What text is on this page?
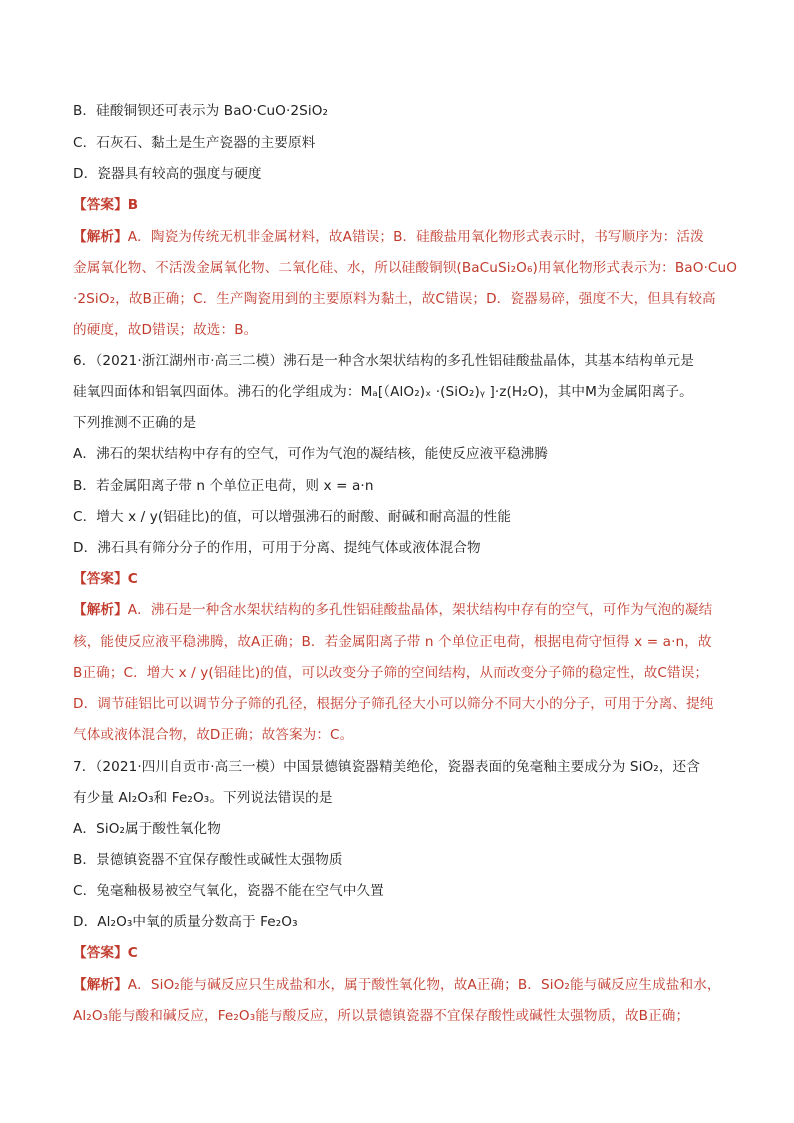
B．硅酸铜钡还可表示为 BaO·CuO·2SiO₂
C．石灰石、黏土是生产瓷器的主要原料
D．瓷器具有较高的强度与硬度
【答案】B
【解析】A．陶瓷为传统无机非金属材料，故A错误；B．硅酸盐用氧化物形式表示时，书写顺序为：活泼
金属氧化物、不活泼金属氧化物、二氧化硅、水，所以硅酸铜钡(BaCuSi₂O₆)用氧化物形式表示为：BaO·CuO
·2SiO₂，故B正确；C．生产陶瓷用到的主要原料为黏土，故C错误；D．瓷器易碎，强度不大，但具有较高
的硬度，故D错误；故选：B。
6．（2021·浙江湖州市·高三二模）沸石是一种含水架状结构的多孔性铝硅酸盐晶体，其基本结构单元是
硅氧四面体和铝氧四面体。沸石的化学组成为：Mₐ[（AlO₂)ₓ ·(SiO₂)ᵧ ]·z(H₂O)，其中M为金属阳离子。
下列推测不正确的是
A．沸石的架状结构中存有的空气，可作为气泡的凝结核，能使反应液平稳沸腾
B．若金属阳离子带 n 个单位正电荷，则 x = a·n
C．增大 x / y(铝硅比)的值，可以增强沸石的耐酸、耐碱和耐高温的性能
D．沸石具有筛分分子的作用，可用于分离、提纯气体或液体混合物
【答案】C
【解析】A．沸石是一种含水架状结构的多孔性铝硅酸盐晶体，架状结构中存有的空气，可作为气泡的凝结
核，能使反应液平稳沸腾，故A正确；B．若金属阳离子带 n 个单位正电荷，根据电荷守恒得 x = a·n，故
B正确；C．增大 x / y(铝硅比)的值，可以改变分子筛的空间结构，从而改变分子筛的稳定性，故C错误；
D．调节硅铝比可以调节分子筛的孔径，根据分子筛孔径大小可以筛分不同大小的分子，可用于分离、提纯
气体或液体混合物，故D正确；故答案为：C。
7．（2021·四川自贡市·高三一模）中国景德镇瓷器精美绝伦，瓷器表面的兔毫釉主要成分为 SiO₂，还含
有少量 Al₂O₃和 Fe₂O₃。下列说法错误的是
A．SiO₂属于酸性氧化物
B．景德镇瓷器不宜保存酸性或碱性太强物质
C．兔毫釉极易被空气氧化，瓷器不能在空气中久置
D．Al₂O₃中氧的质量分数高于 Fe₂O₃
【答案】C
【解析】A．SiO₂能与碱反应只生成盐和水，属于酸性氧化物，故A正确；B．SiO₂能与碱反应生成盐和水，
Al₂O₃能与酸和碱反应，Fe₂O₃能与酸反应，所以景德镇瓷器不宜保存酸性或碱性太强物质，故B正确；
